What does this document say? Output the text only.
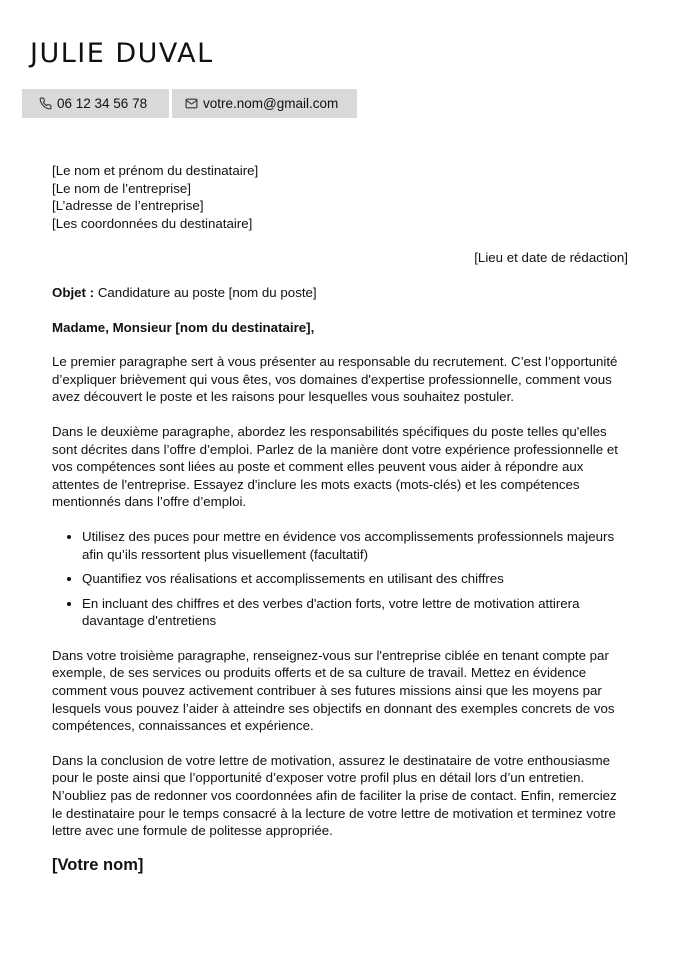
JULIE DUVAL
06 12 34 56 78	votre.nom@gmail.com
[Le nom et prénom du destinataire]
[Le nom de l’entreprise]
[L’adresse de l’entreprise]
[Les coordonnées du destinataire]
[Lieu et date de rédaction]
Objet : Candidature au poste [nom du poste]
Madame, Monsieur [nom du destinataire],

Le premier paragraphe sert à vous présenter au responsable du recrutement. C’est l’opportunité d’expliquer brièvement qui vous êtes, vos domaines d'expertise professionnelle, comment vous avez découvert le poste et les raisons pour lesquelles vous souhaitez postuler.

Dans le deuxième paragraphe, abordez les responsabilités spécifiques du poste telles qu'elles sont décrites dans l’offre d’emploi. Parlez de la manière dont votre expérience professionnelle et vos compétences sont liées au poste et comment elles peuvent vous aider à répondre aux attentes de l'entreprise. Essayez d'inclure les mots exacts (mots-clés) et les compétences mentionnés dans l’offre d’emploi.

• Utilisez des puces pour mettre en évidence vos accomplissements professionnels majeurs afin qu’ils ressortent plus visuellement (facultatif)
• Quantifiez vos réalisations et accomplissements en utilisant des chiffres
• En incluant des chiffres et des verbes d'action forts, votre lettre de motivation attirera davantage d'entretiens

Dans votre troisième paragraphe, renseignez-vous sur l'entreprise ciblée en tenant compte par exemple, de ses services ou produits offerts et de sa culture de travail. Mettez en évidence comment vous pouvez activement contribuer à ses futures missions ainsi que les moyens par lesquels vous pouvez l’aider à atteindre ses objectifs en donnant des exemples concrets de vos compétences, connaissances et expérience.

Dans la conclusion de votre lettre de motivation, assurez le destinataire de votre enthousiasme pour le poste ainsi que l’opportunité d’exposer votre profil plus en détail lors d’un entretien. N’oubliez pas de redonner vos coordonnées afin de faciliter la prise de contact. Enfin, remerciez le destinataire pour le temps consacré à la lecture de votre lettre de motivation et terminez votre lettre avec une formule de politesse appropriée.

[Votre nom]
